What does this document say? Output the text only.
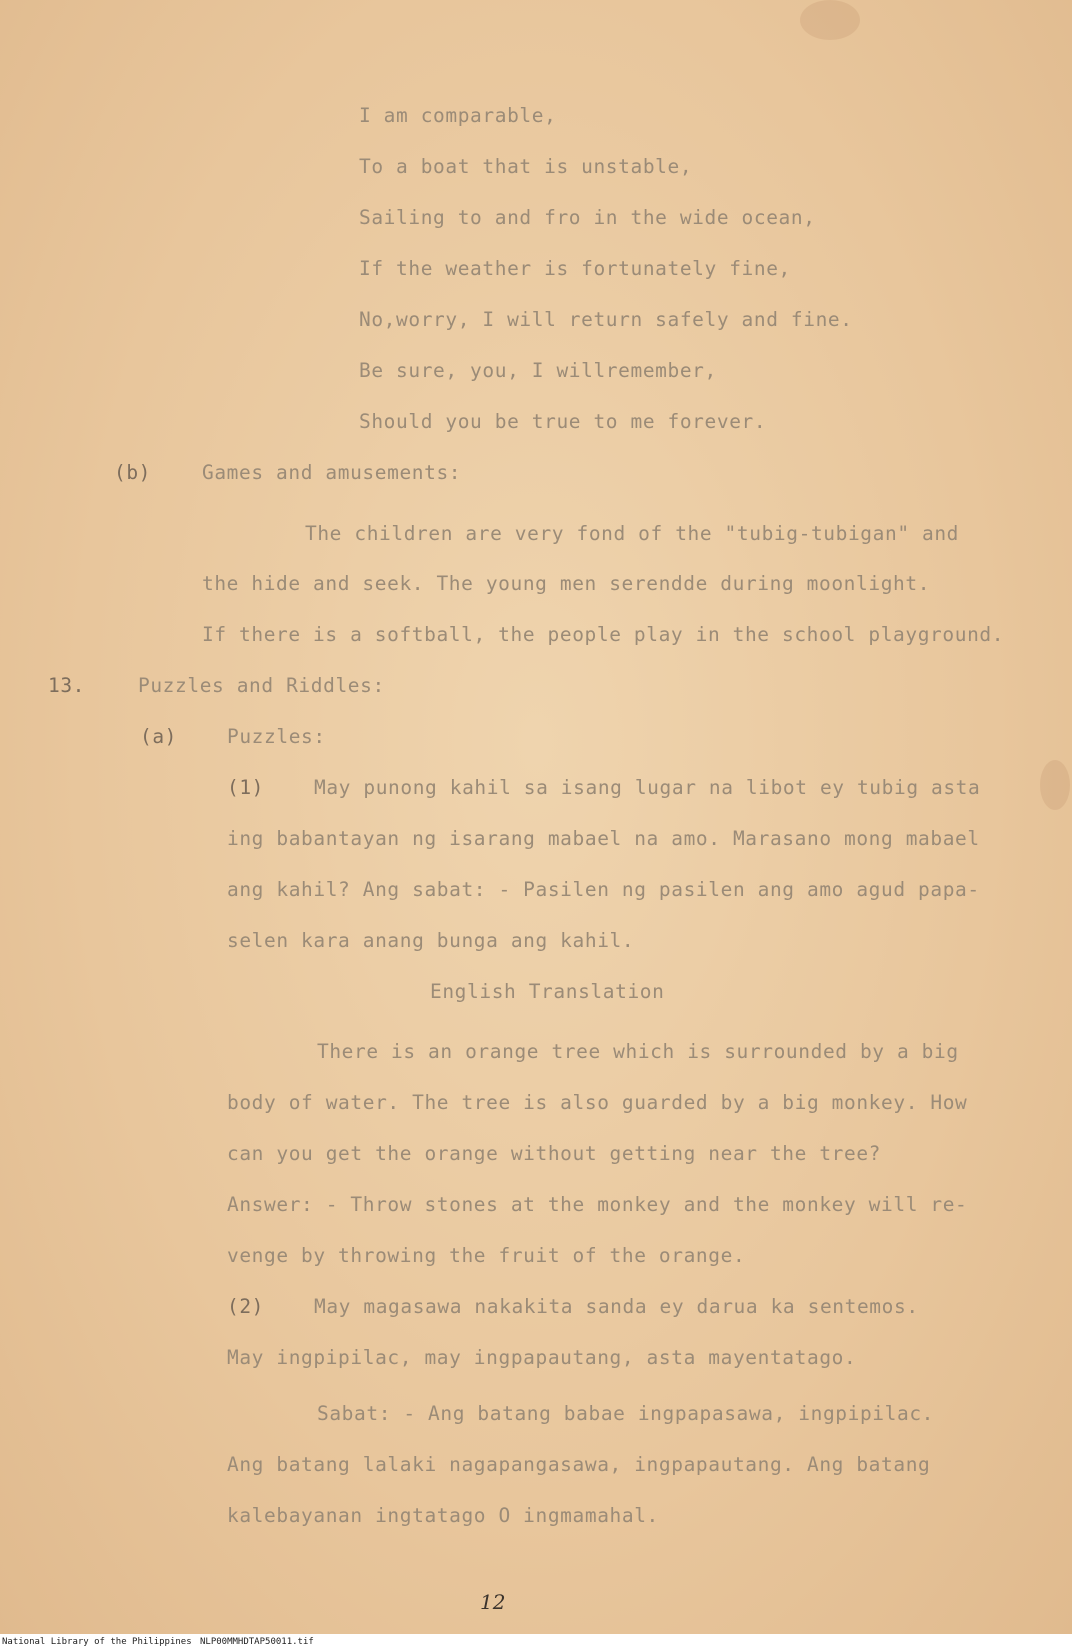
I am comparable,
To a boat that is unstable,
Sailing to and fro in the wide ocean,
If the weather is fortunately fine,
No,worry, I will return safely and fine.
Be sure, you, I willremember,
Should you be true to me forever.
(b)	Games and amusements:
The children are very fond of the "tubig-tubigan" and
the hide and seek. The young men serendde during moonlight.
If there is a softball, the people play in the school playground.
13.	Puzzles and Riddles:
(a)	Puzzles:
(1)	May punong kahil sa isang lugar na libot ey tubig asta
ing babantayan ng isarang mabael na amo. Marasano mong mabael
ang kahil? Ang sabat: - Pasilen ng pasilen ang amo agud papa-
selen kara anang bunga ang kahil.
English Translation
There is an orange tree which is surrounded by a big
body of water. The tree is also guarded by a big monkey. How
can you get the orange without getting near the tree?
Answer: - Throw stones at the monkey and the monkey will re-
venge by throwing the fruit of the orange.
(2)	May magasawa nakakita sanda ey darua ka sentemos.
May ingpipilac, may ingpapautang, asta mayentatago.
Sabat: - Ang batang babae ingpapasawa, ingpipilac.
Ang batang lalaki nagapangasawa, ingpapautang. Ang batang
kalebayanan ingtatago O ingmamahal.
12
National Library of the Philippines NLP00MMHDTAP50011.tif
